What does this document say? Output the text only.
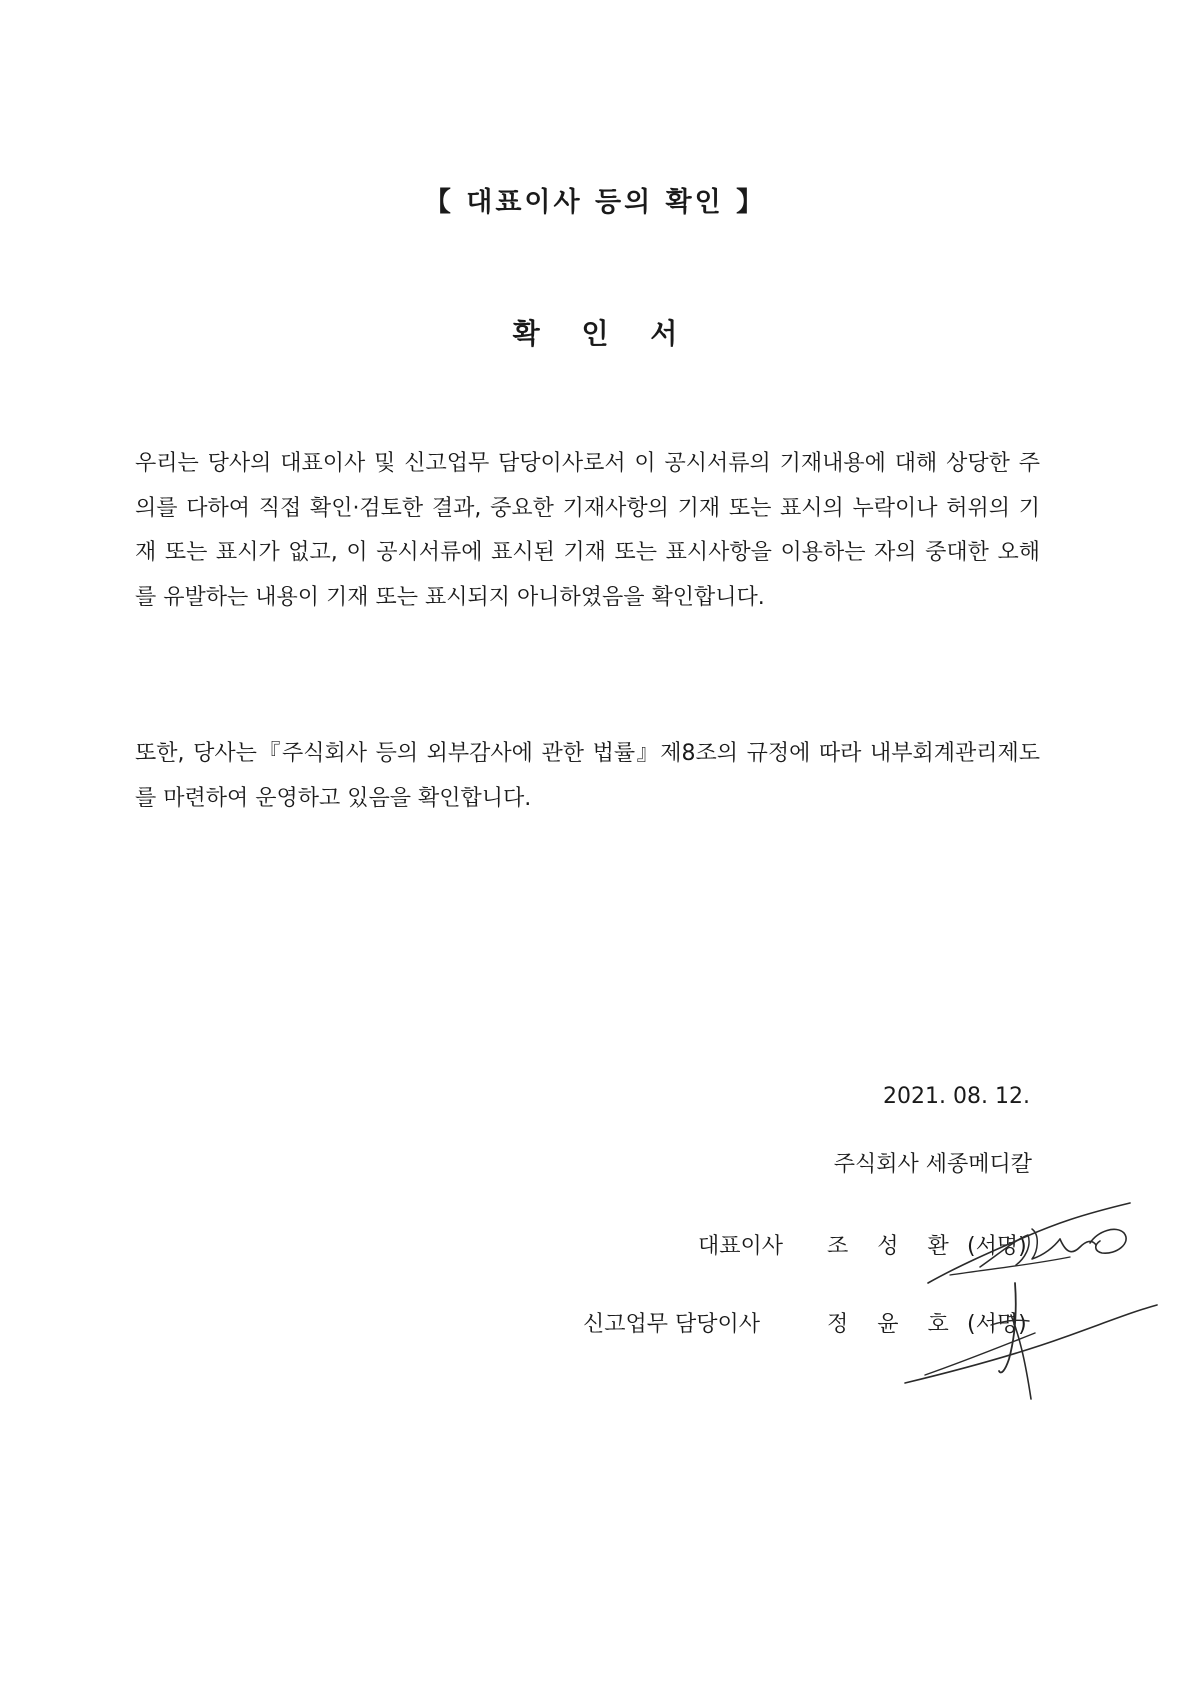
【 대표이사 등의 확인 】
확 인 서

우리는 당사의 대표이사 및 신고업무 담당이사로서 이 공시서류의 기재내용에 대해 상당한 주의를 다하여 직접 확인·검토한 결과, 중요한 기재사항의 기재 또는 표시의 누락이나 허위의 기재 또는 표시가 없고, 이 공시서류에 표시된 기재 또는 표시사항을 이용하는 자의 중대한 오해를 유발하는 내용이 기재 또는 표시되지 아니하였음을 확인합니다.

또한, 당사는『주식회사 등의 외부감사에 관한 법률』제8조의 규정에 따라 내부회계관리제도를 마련하여 운영하고 있음을 확인합니다.

2021. 08. 12.
주식회사 세종메디칼
대표이사 조 성 환 (서명)
신고업무 담당이사	정 윤 호 (서명)
